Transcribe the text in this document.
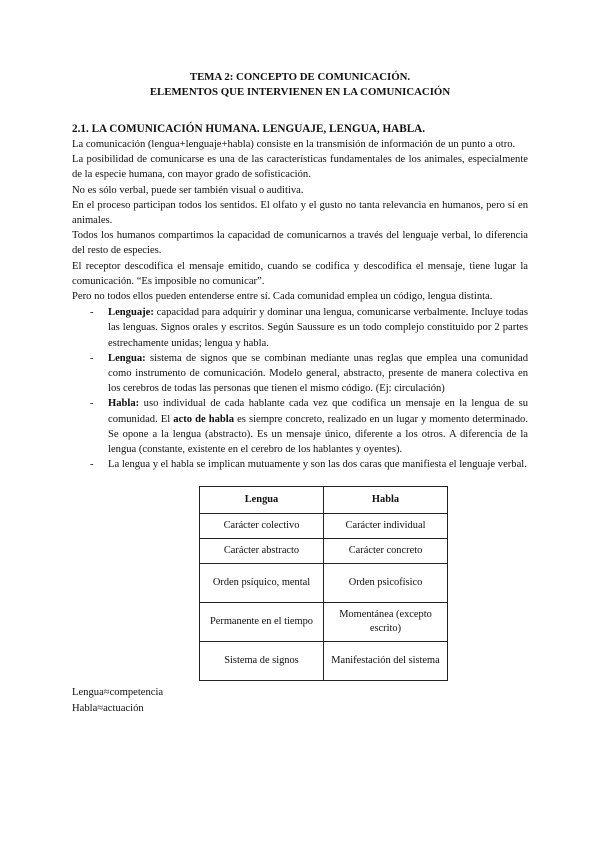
TEMA 2: CONCEPTO DE COMUNICACIÓN.

ELEMENTOS QUE INTERVIENEN EN LA COMUNICACIÓN

2.1. LA COMUNICACIÓN HUMANA. LENGUAJE, LENGUA, HABLA.

La comunicación (lengua+lenguaje+habla) consiste en la transmisión de información de un punto a otro.

La posibilidad de comunicarse es una de las características fundamentales de los animales, especialmente de la especie humana, con mayor grado de sofisticación.

No es sólo verbal, puede ser también visual o auditiva.

En el proceso participan todos los sentidos. El olfato y el gusto no tanta relevancia en humanos, pero sí en animales.

Todos los humanos compartimos la capacidad de comunicarnos a través del lenguaje verbal, lo diferencia del resto de especies.

El receptor descodifica el mensaje emitido, cuando se codifica y descodifica el mensaje, tiene lugar la comunicación. “Es imposible no comunicar”.

Pero no todos ellos pueden entenderse entre sí. Cada comunidad emplea un código, lengua distinta.

- Lenguaje: capacidad para adquirir y dominar una lengua, comunicarse verbalmente. Incluye todas las lenguas. Signos orales y escritos. Según Saussure es un todo complejo constituido por 2 partes estrechamente unidas; lengua y habla.
- Lengua: sistema de signos que se combinan mediante unas reglas que emplea una comunidad como instrumento de comunicación. Modelo general, abstracto, presente de manera colectiva en los cerebros de todas las personas que tienen el mismo código. (Ej: circulación)
- Habla: uso individual de cada hablante cada vez que codifica un mensaje en la lengua de su comunidad. El acto de habla es siempre concreto, realizado en un lugar y momento determinado. Se opone a la lengua (abstracto). Es un mensaje único, diferente a los otros. A diferencia de la lengua (constante, existente en el cerebro de los hablantes y oyentes).
- La lengua y el habla se implican mutuamente y son las dos caras que manifiesta el lenguaje verbal.
Lengua	Habla
Carácter colectivo	Carácter individual
Carácter abstracto	Carácter concreto
Orden psíquico, mental	Orden psicofísico
Permanente en el tiempo	Momentánea (excepto escrito)
Sistema de signos	Manifestación del sistema

Lengua≈competencia

Habla≈actuación
